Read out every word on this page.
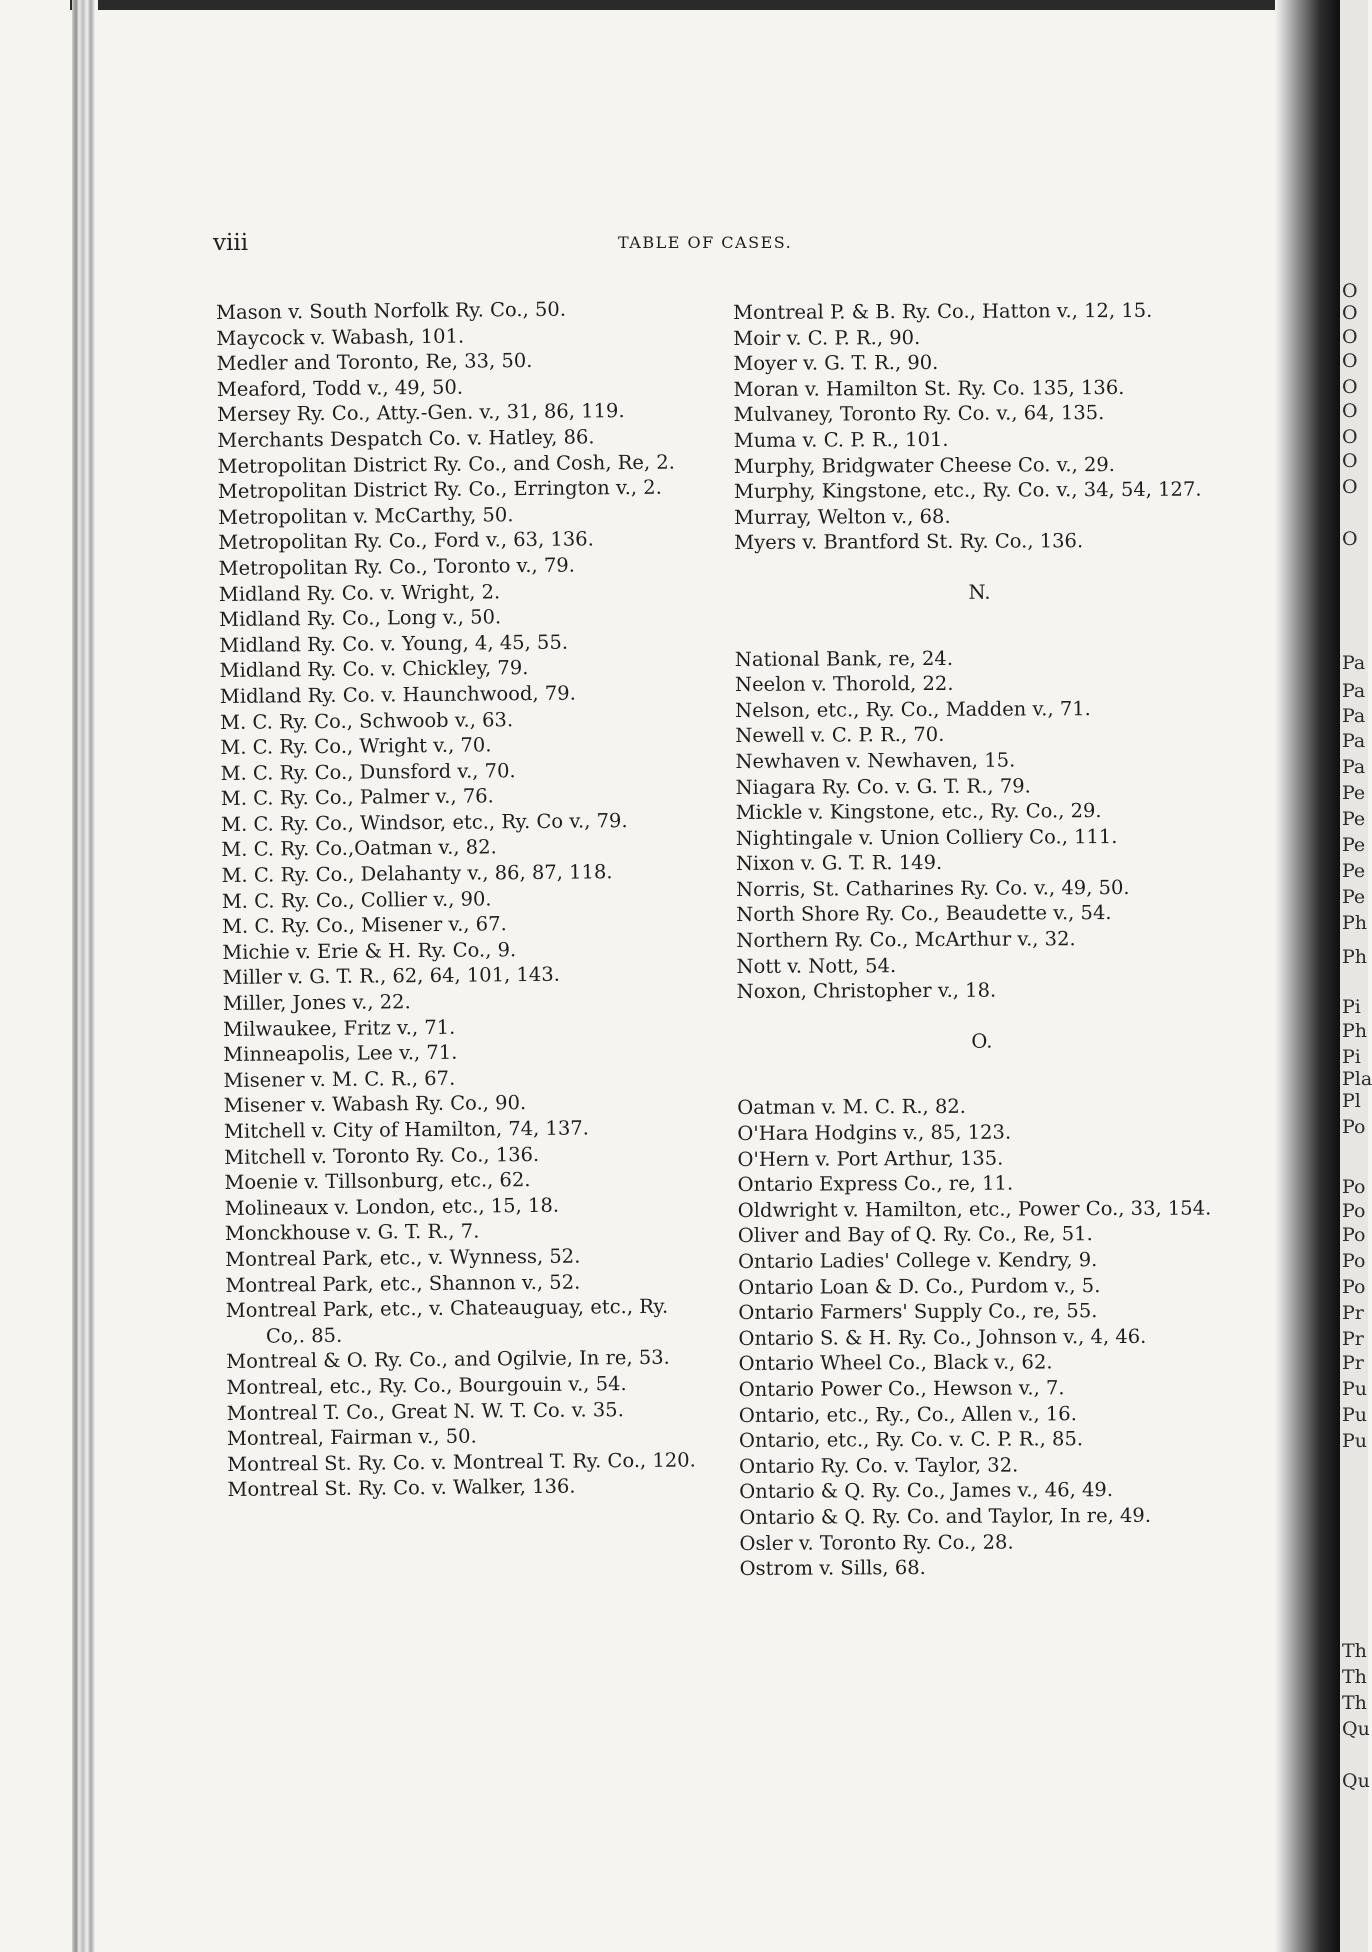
O
O
O
O
O
O
O
O
O
O
Pa
Pa
Pa
Pa
Pa
Pe
Pe
Pe
Pe
Pe
Ph
Ph
Pi
Ph
Pi
Pla
Pl
Po
Po
Po
Po
Po
Po
Pr
Pr
Pr
Pu
Pu
Pu
Th
Th
Th
Qu
Qu
viii	TABLE OF CASES.

Mason v. South Norfolk Ry. Co., 50.

Maycock v. Wabash, 101.

Medler and Toronto, Re, 33, 50.

Meaford, Todd v., 49, 50.

Mersey Ry. Co., Atty.-Gen. v., 31, 86, 119.

Merchants Despatch Co. v. Hatley, 86.

Metropolitan District Ry. Co., and Cosh, Re, 2.

Metropolitan District Ry. Co., Errington v., 2.

Metropolitan v. McCarthy, 50.

Metropolitan Ry. Co., Ford v., 63, 136.

Metropolitan Ry. Co., Toronto v., 79.

Midland Ry. Co. v. Wright, 2.

Midland Ry. Co., Long v., 50.

Midland Ry. Co. v. Young, 4, 45, 55.

Midland Ry. Co. v. Chickley, 79.

Midland Ry. Co. v. Haunchwood, 79.

M. C. Ry. Co., Schwoob v., 63.

M. C. Ry. Co., Wright v., 70.

M. C. Ry. Co., Dunsford v., 70.

M. C. Ry. Co., Palmer v., 76.

M. C. Ry. Co., Windsor, etc., Ry. Co v., 79.

M. C. Ry. Co.,Oatman v., 82.

M. C. Ry. Co., Delahanty v., 86, 87, 118.

M. C. Ry. Co., Collier v., 90.

M. C. Ry. Co., Misener v., 67.

Michie v. Erie & H. Ry. Co., 9.

Miller v. G. T. R., 62, 64, 101, 143.

Miller, Jones v., 22.

Milwaukee, Fritz v., 71.

Minneapolis, Lee v., 71.

Misener v. M. C. R., 67.

Misener v. Wabash Ry. Co., 90.

Mitchell v. City of Hamilton, 74, 137.

Mitchell v. Toronto Ry. Co., 136.

Moenie v. Tillsonburg, etc., 62.

Molineaux v. London, etc., 15, 18.

Monckhouse v. G. T. R., 7.

Montreal Park, etc., v. Wynness, 52.

Montreal Park, etc., Shannon v., 52.

Montreal Park, etc., v. Chateauguay, etc., Ry. Co,. 85.

Montreal & O. Ry. Co., and Ogilvie, In re, 53.

Montreal, etc., Ry. Co., Bourgouin v., 54.

Montreal T. Co., Great N. W. T. Co. v. 35.

Montreal, Fairman v., 50.

Montreal St. Ry. Co. v. Montreal T. Ry. Co., 120.

Montreal St. Ry. Co. v. Walker, 136.

Montreal P. & B. Ry. Co., Hatton v., 12, 15.

Moir v. C. P. R., 90.

Moyer v. G. T. R., 90.

Moran v. Hamilton St. Ry. Co. 135, 136.

Mulvaney, Toronto Ry. Co. v., 64, 135.

Muma v. C. P. R., 101.

Murphy, Bridgwater Cheese Co. v., 29.

Murphy, Kingstone, etc., Ry. Co. v., 34, 54, 127.

Murray, Welton v., 68.

Myers v. Brantford St. Ry. Co., 136.

N.

National Bank, re, 24.

Neelon v. Thorold, 22.

Nelson, etc., Ry. Co., Madden v., 71.

Newell v. C. P. R., 70.

Newhaven v. Newhaven, 15.

Niagara Ry. Co. v. G. T. R., 79.

Mickle v. Kingstone, etc., Ry. Co., 29.

Nightingale v. Union Colliery Co., 111.

Nixon v. G. T. R. 149.

Norris, St. Catharines Ry. Co. v., 49, 50.

North Shore Ry. Co., Beaudette v., 54.

Northern Ry. Co., McArthur v., 32.

Nott v. Nott, 54.

Noxon, Christopher v., 18.

O.

Oatman v. M. C. R., 82.

O'Hara Hodgins v., 85, 123.

O'Hern v. Port Arthur, 135.

Ontario Express Co., re, 11.

Oldwright v. Hamilton, etc., Power Co., 33, 154.

Oliver and Bay of Q. Ry. Co., Re, 51.

Ontario Ladies' College v. Kendry, 9.

Ontario Loan & D. Co., Purdom v., 5.

Ontario Farmers' Supply Co., re, 55.

Ontario S. & H. Ry. Co., Johnson v., 4, 46.

Ontario Wheel Co., Black v., 62.

Ontario Power Co., Hewson v., 7.

Ontario, etc., Ry., Co., Allen v., 16.

Ontario, etc., Ry. Co. v. C. P. R., 85.

Ontario Ry. Co. v. Taylor, 32.

Ontario & Q. Ry. Co., James v., 46, 49.

Ontario & Q. Ry. Co. and Taylor, In re, 49.

Osler v. Toronto Ry. Co., 28.

Ostrom v. Sills, 68.
